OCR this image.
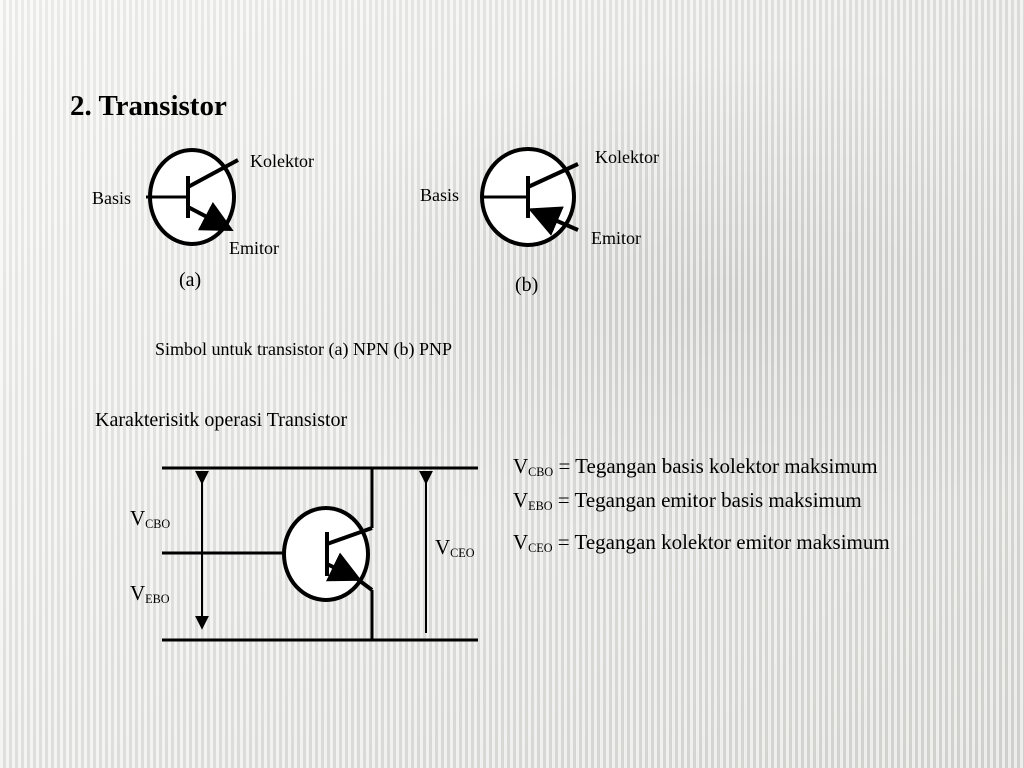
2. Transistor
Kolektor
Basis
Emitor
(a)
Kolektor
Basis
Emitor
(b)
Simbol untuk transistor (a) NPN (b) PNP
Karakterisitk operasi Transistor
$V_{CBO}$
$V_{EBO}$
$V_{CEO}$
$V_{CBO}$ = Tegangan basis kolektor maksimum
$V_{EBO}$ = Tegangan emitor basis maksimum
$V_{CEO}$ = Tegangan kolektor emitor maksimum
